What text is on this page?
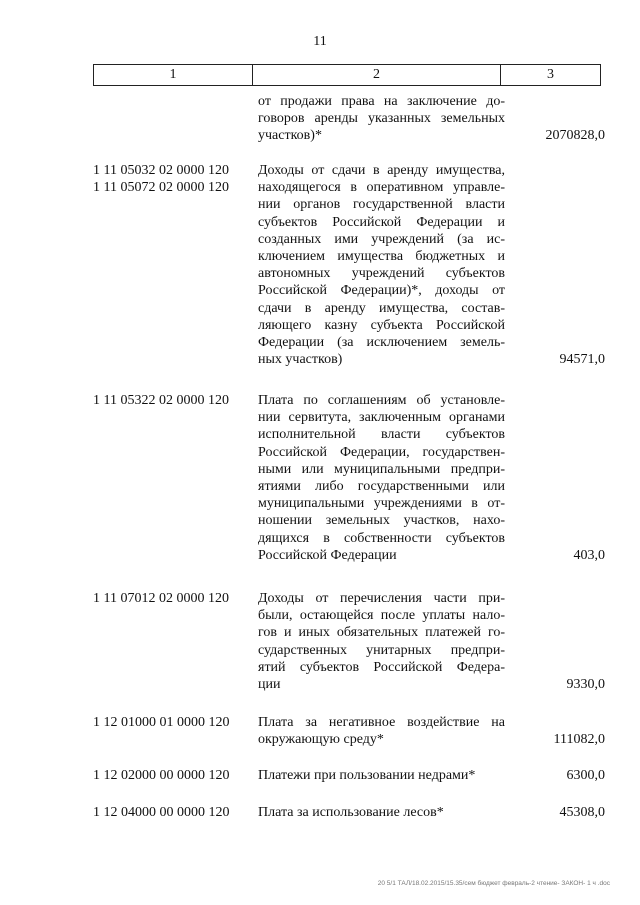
11
1	2	3
от продажи права на заключение до-
говоров аренды указанных земельных
участков)*	2070828,0
1 11 05032 02 0000 120
1 11 05072 02 0000 120
Доходы от сдачи в аренду имущества,
находящегося в оперативном управле-
нии органов государственной власти
субъектов Российской Федерации и
созданных ими учреждений (за ис-
ключением имущества бюджетных и
автономных учреждений субъектов
Российской Федерации)*, доходы от
сдачи в аренду имущества, состав-
ляющего казну субъекта Российской
Федерации (за исключением земель-
ных участков)	94571,0
1 11 05322 02 0000 120	Плата по соглашениям об установле-
нии сервитута, заключенным органами
исполнительной власти субъектов
Российской Федерации, государствен-
ными или муниципальными предпри-
ятиями либо государственными или
муниципальными учреждениями в от-
ношении земельных участков, нахо-
дящихся в собственности субъектов
Российской Федерации	403,0
1 11 07012 02 0000 120	Доходы от перечисления части при-
были, остающейся после уплаты нало-
гов и иных обязательных платежей го-
сударственных унитарных предпри-
ятий субъектов Российской Федера-
ции	9330,0
1 12 01000 01 0000 120	Плата за негативное воздействие на
окружающую среду*	111082,0
1 12 02000 00 0000 120	Платежи при пользовании недрами*	6300,0
1 12 04000 00 0000 120	Плата за использование лесов*	45308,0
20 5/1 ТАЛ/18.02.2015/15.35/сем бюджет февраль-2 чтение- ЗАКОН- 1 ч .doc
